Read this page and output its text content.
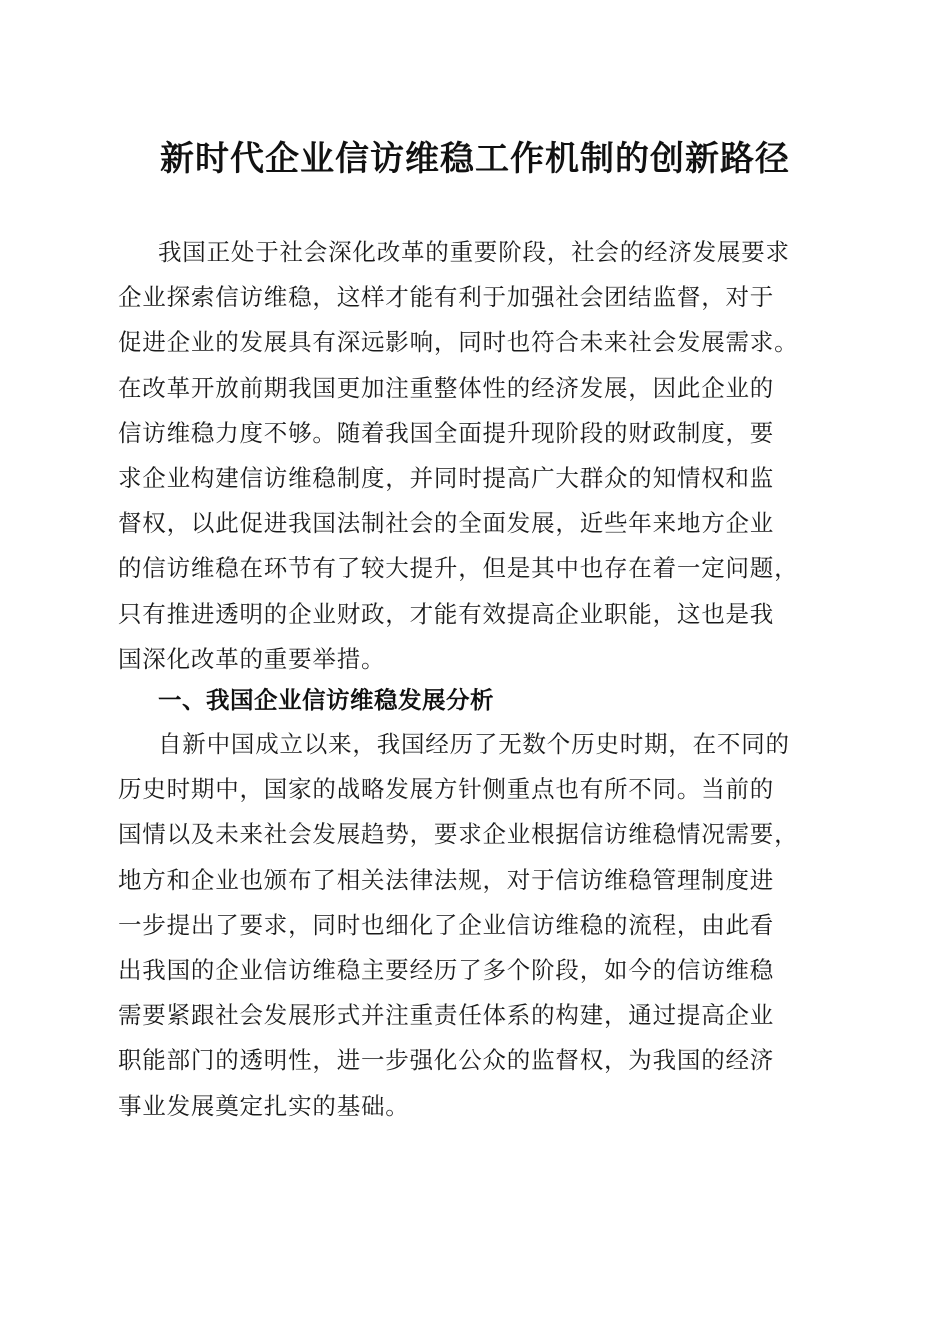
新时代企业信访维稳工作机制的创新路径
我国正处于社会深化改革的重要阶段，社会的经济发展要求
企业探索信访维稳，这样才能有利于加强社会团结监督，对于
促进企业的发展具有深远影响，同时也符合未来社会发展需求。
在改革开放前期我国更加注重整体性的经济发展，因此企业的
信访维稳力度不够。随着我国全面提升现阶段的财政制度，要
求企业构建信访维稳制度，并同时提高广大群众的知情权和监
督权，以此促进我国法制社会的全面发展，近些年来地方企业
的信访维稳在环节有了较大提升，但是其中也存在着一定问题，
只有推进透明的企业财政，才能有效提高企业职能，这也是我
国深化改革的重要举措。
一、我国企业信访维稳发展分析
自新中国成立以来，我国经历了无数个历史时期，在不同的
历史时期中，国家的战略发展方针侧重点也有所不同。当前的
国情以及未来社会发展趋势，要求企业根据信访维稳情况需要，
地方和企业也颁布了相关法律法规，对于信访维稳管理制度进
一步提出了要求，同时也细化了企业信访维稳的流程，由此看
出我国的企业信访维稳主要经历了多个阶段，如今的信访维稳
需要紧跟社会发展形式并注重责任体系的构建，通过提高企业
职能部门的透明性，进一步强化公众的监督权，为我国的经济
事业发展奠定扎实的基础。
